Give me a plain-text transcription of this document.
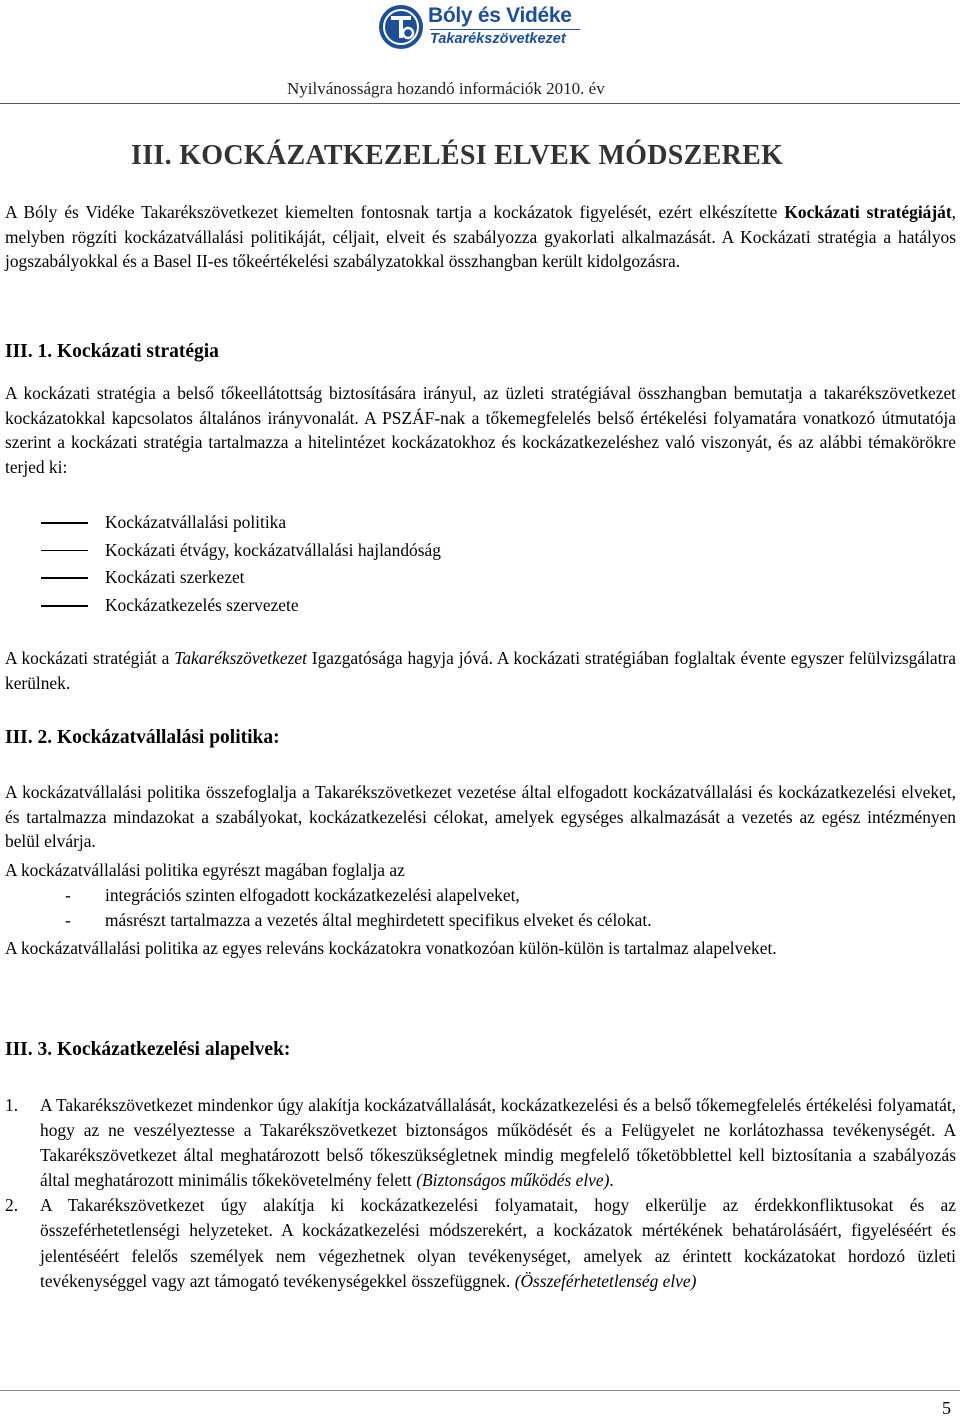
Bóly és Vidéke
Takarékszövetkezet
Nyilvánosságra hozandó információk 2010. év
III. KOCKÁZATKEZELÉSI ELVEK MÓDSZEREK
A Bóly és Vidéke Takarékszövetkezet kiemelten fontosnak tartja a kockázatok figyelését, ezért elkészítette Kockázati stratégiáját, melyben rögzíti kockázatvállalási politikáját, céljait, elveit és szabályozza gyakorlati alkalmazását. A Kockázati stratégia a hatályos jogszabályokkal és a Basel II-es tőkeértékelési szabályzatokkal összhangban került kidolgozásra.
III. 1. Kockázati stratégia
A kockázati stratégia a belső tőkeellátottság biztosítására irányul, az üzleti stratégiával összhangban bemutatja a takarékszövetkezet kockázatokkal kapcsolatos általános irányvonalát. A PSZÁF-nak a tőkemegfelelés belső értékelési folyamatára vonatkozó útmutatója szerint a kockázati stratégia tartalmazza a hitelintézet kockázatokhoz és kockázatkezeléshez való viszonyát, és az alábbi témakörökre terjed ki:
Kockázatvállalási politika
Kockázati étvágy, kockázatvállalási hajlandóság
Kockázati szerkezet
Kockázatkezelés szervezete
A kockázati stratégiát a Takarékszövetkezet Igazgatósága hagyja jóvá. A kockázati stratégiában foglaltak évente egyszer felülvizsgálatra kerülnek.
III. 2. Kockázatvállalási politika:
A kockázatvállalási politika összefoglalja a Takarékszövetkezet vezetése által elfogadott kockázatvállalási és kockázatkezelési elveket, és tartalmazza mindazokat a szabályokat, kockázatkezelési célokat, amelyek egységes alkalmazását a vezetés az egész intézményen belül elvárja.
A kockázatvállalási politika egyrészt magában foglalja az
- integrációs szinten elfogadott kockázatkezelési alapelveket,
- másrészt tartalmazza a vezetés által meghirdetett specifikus elveket és célokat.
A kockázatvállalási politika az egyes releváns kockázatokra vonatkozóan külön-külön is tartalmaz alapelveket.
III. 3. Kockázatkezelési alapelvek:
1. A Takarékszövetkezet mindenkor úgy alakítja kockázatvállalását, kockázatkezelési és a belső tőkemegfelelés értékelési folyamatát, hogy az ne veszélyeztesse a Takarékszövetkezet biztonságos működését és a Felügyelet ne korlátozhassa tevékenységét. A Takarékszövetkezet által meghatározott belső tőkeszükségletnek mindig megfelelő tőketöbblettel kell biztosítania a szabályozás által meghatározott minimális tőkekövetelmény felett (Biztonságos működés elve).
2. A Takarékszövetkezet úgy alakítja ki kockázatkezelési folyamatait, hogy elkerülje az érdekkonfliktusokat és az összeférhetetlenségi helyzeteket. A kockázatkezelési módszerekért, a kockázatok mértékének behatárolásáért, figyeléséért és jelentéséért felelős személyek nem végezhetnek olyan tevékenységet, amelyek az érintett kockázatokat hordozó üzleti tevékenységgel vagy azt támogató tevékenységekkel összefüggnek. (Összeférhetetlenség elve)
5
